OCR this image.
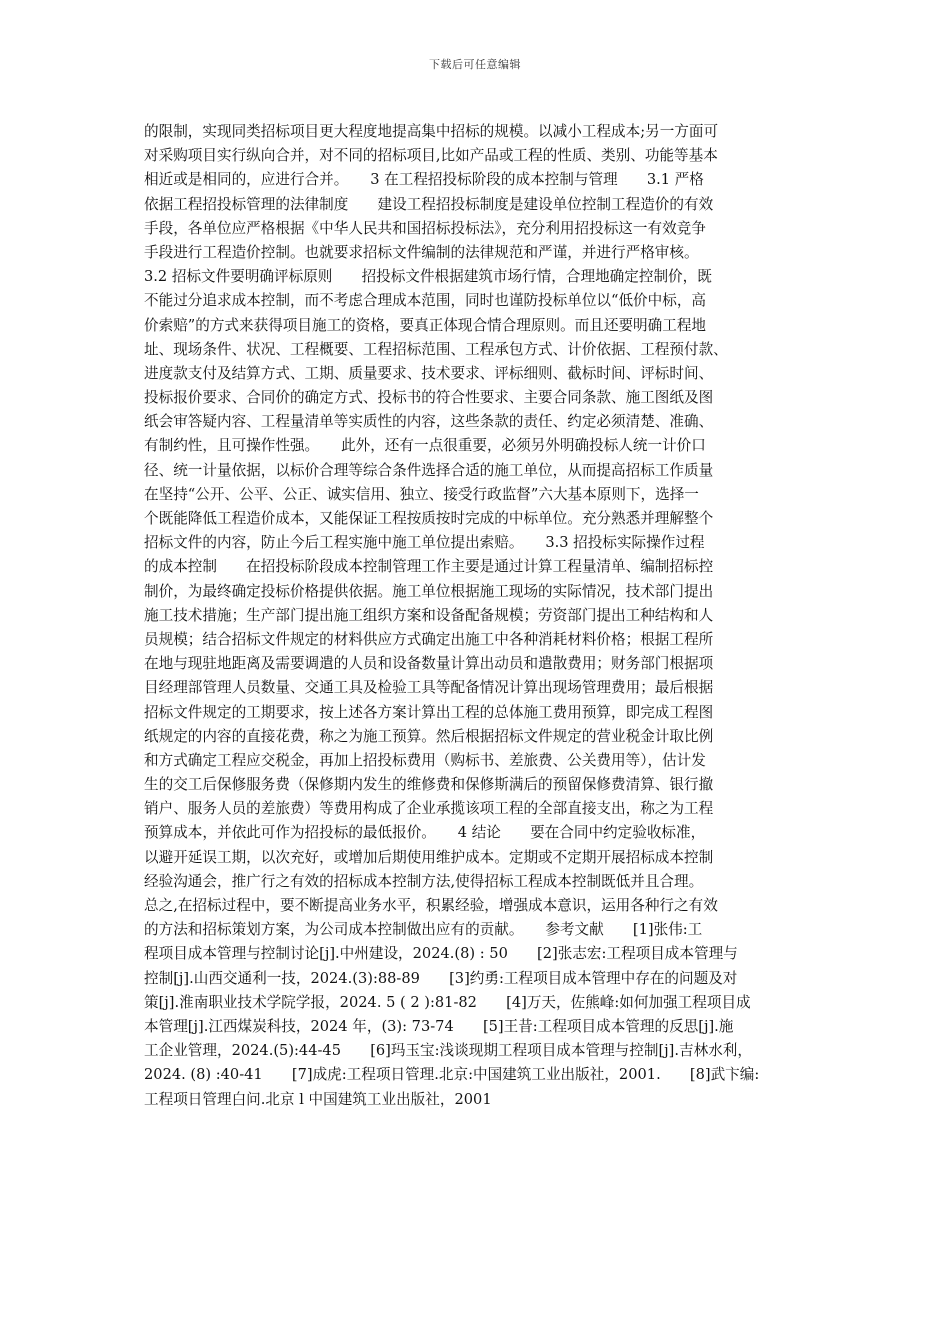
下载后可任意编辑
的限制，实现同类招标项目更大程度地提高集中招标的规模。以减小工程成本;另一方面可
对采购项目实行纵向合并，对不同的招标项目,比如产品或工程的性质、类别、功能等基本
相近或是相同的，应进行合并。　　3 在工程招投标阶段的成本控制与管理　　3.1 严格
依据工程招投标管理的法律制度　　建设工程招投标制度是建设单位控制工程造价的有效
手段，各单位应严格根据《中华人民共和国招标投标法》，充分利用招投标这一有效竞争
手段进行工程造价控制。也就要求招标文件编制的法律规范和严谨，并进行严格审核。
3.2 招标文件要明确评标原则　　招投标文件根据建筑市场行情，合理地确定控制价，既
不能过分追求成本控制，而不考虑合理成本范围，同时也谨防投标单位以“低价中标，高
价索赔”的方式来获得项目施工的资格，要真正体现合情合理原则。而且还要明确工程地
址、现场条件、状况、工程概要、工程招标范围、工程承包方式、计价依据、工程预付款、
进度款支付及结算方式、工期、质量要求、技术要求、评标细则、截标时间、评标时间、
投标报价要求、合同价的确定方式、投标书的符合性要求、主要合同条款、施工图纸及图
纸会审答疑内容、工程量清单等实质性的内容，这些条款的责任、约定必须清楚、准确、
有制约性，且可操作性强。　　此外，还有一点很重要，必须另外明确投标人统一计价口
径、统一计量依据，以标价合理等综合条件选择合适的施工单位，从而提高招标工作质量
在坚持“公开、公平、公正、诚实信用、独立、接受行政监督”六大基本原则下，选择一
个既能降低工程造价成本，又能保证工程按质按时完成的中标单位。充分熟悉并理解整个
招标文件的内容，防止今后工程实施中施工单位提出索赔。　　3.3 招投标实际操作过程
的成本控制　　在招投标阶段成本控制管理工作主要是通过计算工程量清单、编制招标控
制价，为最终确定投标价格提供依据。施工单位根据施工现场的实际情况，技术部门提出
施工技术措施；生产部门提出施工组织方案和设备配备规模；劳资部门提出工种结构和人
员规模；结合招标文件规定的材料供应方式确定出施工中各种消耗材料价格；根据工程所
在地与现驻地距离及需要调遣的人员和设备数量计算出动员和遣散费用；财务部门根据项
目经理部管理人员数量、交通工具及检验工具等配备情况计算出现场管理费用；最后根据
招标文件规定的工期要求，按上述各方案计算出工程的总体施工费用预算，即完成工程图
纸规定的内容的直接花费，称之为施工预算。然后根据招标文件规定的营业税金计取比例
和方式确定工程应交税金，再加上招投标费用（购标书、差旅费、公关费用等），估计发
生的交工后保修服务费（保修期内发生的维修费和保修斯满后的预留保修费清算、银行撤
销户、服务人员的差旅费）等费用构成了企业承揽该项工程的全部直接支出，称之为工程
预算成本，并依此可作为招投标的最低报价。　　4 结论　　要在合同中约定验收标准，
以避开延误工期，以次充好，或增加后期使用维护成本。定期或不定期开展招标成本控制
经验沟通会，推广行之有效的招标成本控制方法,使得招标工程成本控制既低并且合理。
总之,在招标过程中，要不断提高业务水平，积累经验，增强成本意识，运用各种行之有效
的方法和招标策划方案，为公司成本控制做出应有的贡献。　　参考文献　　[1]张伟:工
程项目成本管理与控制讨论[j].中州建设，2024.(8) : 50　　[2]张志宏:工程项目成本管理与
控制[j].山西交通利一技，2024.(3):88-89　　[3]约勇:工程项目成本管理中存在的问题及对
策[j].淮南职业技术学院学报，2024. 5 ( 2 ):81-82　　[4]万天，佐熊峰:如何加强工程项目成
本管理[j].江西煤炭科技，2024 年，(3): 73-74　　[5]王昔:工程项目成本管理的反思[j].施
工企业管理，2024.(5):44-45　　[6]玛玉宝:浅谈现期工程项目成本管理与控制[j].吉林水利，
2024. (8) :40-41　　[7]成虎:工程项日管理.北京:中国建筑工业出版社，2001.　　[8]武卞编:
工程项日管理白问.北京 l 中国建筑工业出版社，2001
